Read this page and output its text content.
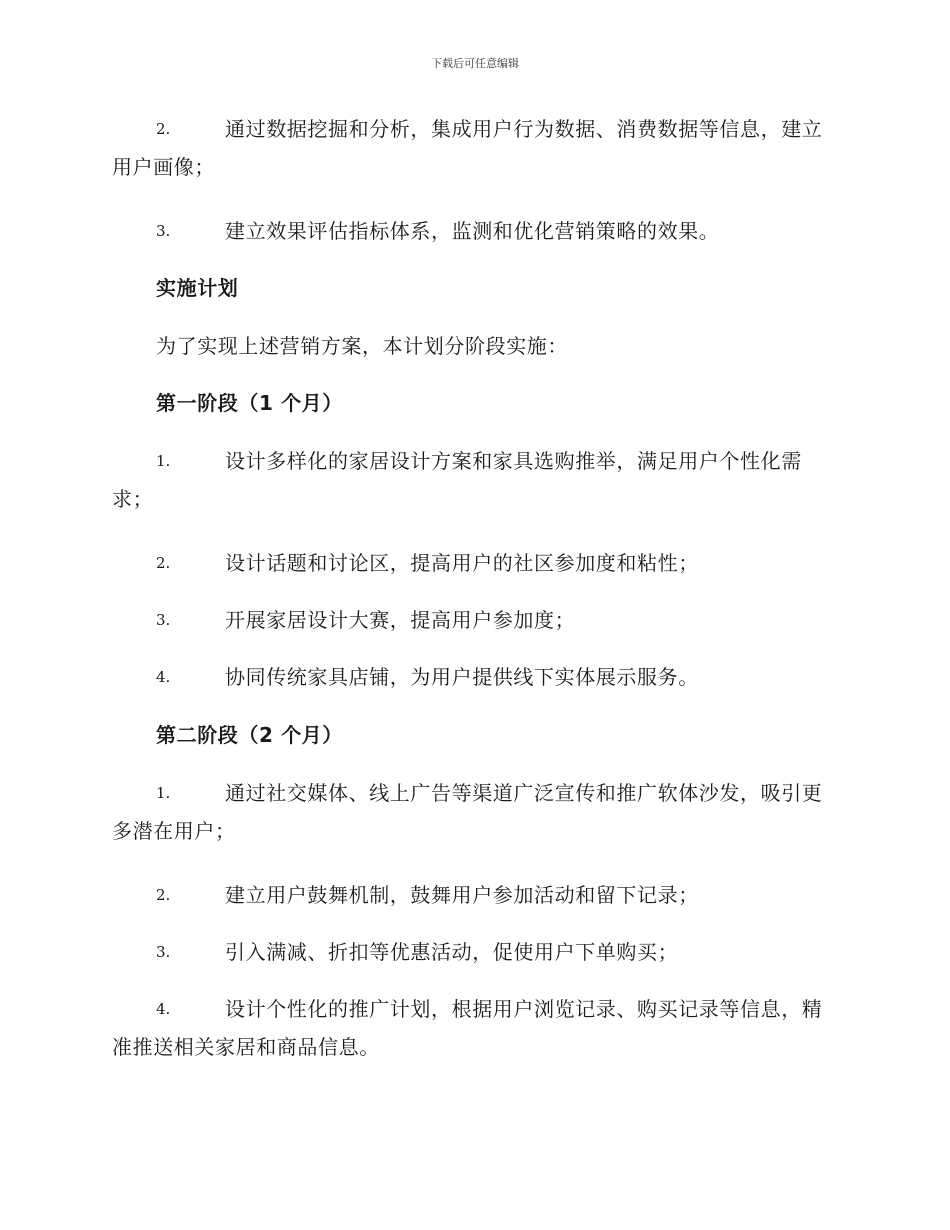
下载后可任意编辑
2.	通过数据挖掘和分析，集成用户行为数据、消费数据等信息，建立用户画像；
3.	建立效果评估指标体系，监测和优化营销策略的效果。
实施计划
为了实现上述营销方案，本计划分阶段实施：
第一阶段（1 个月）
1.	设计多样化的家居设计方案和家具选购推举，满足用户个性化需求；
2.	设计话题和讨论区，提高用户的社区参加度和粘性；
3.	开展家居设计大赛，提高用户参加度；
4.	协同传统家具店铺，为用户提供线下实体展示服务。
第二阶段（2 个月）
1.	通过社交媒体、线上广告等渠道广泛宣传和推广软体沙发，吸引更多潜在用户；
2.	建立用户鼓舞机制，鼓舞用户参加活动和留下记录；
3.	引入满减、折扣等优惠活动，促使用户下单购买；
4.	设计个性化的推广计划，根据用户浏览记录、购买记录等信息，精准推送相关家居和商品信息。
